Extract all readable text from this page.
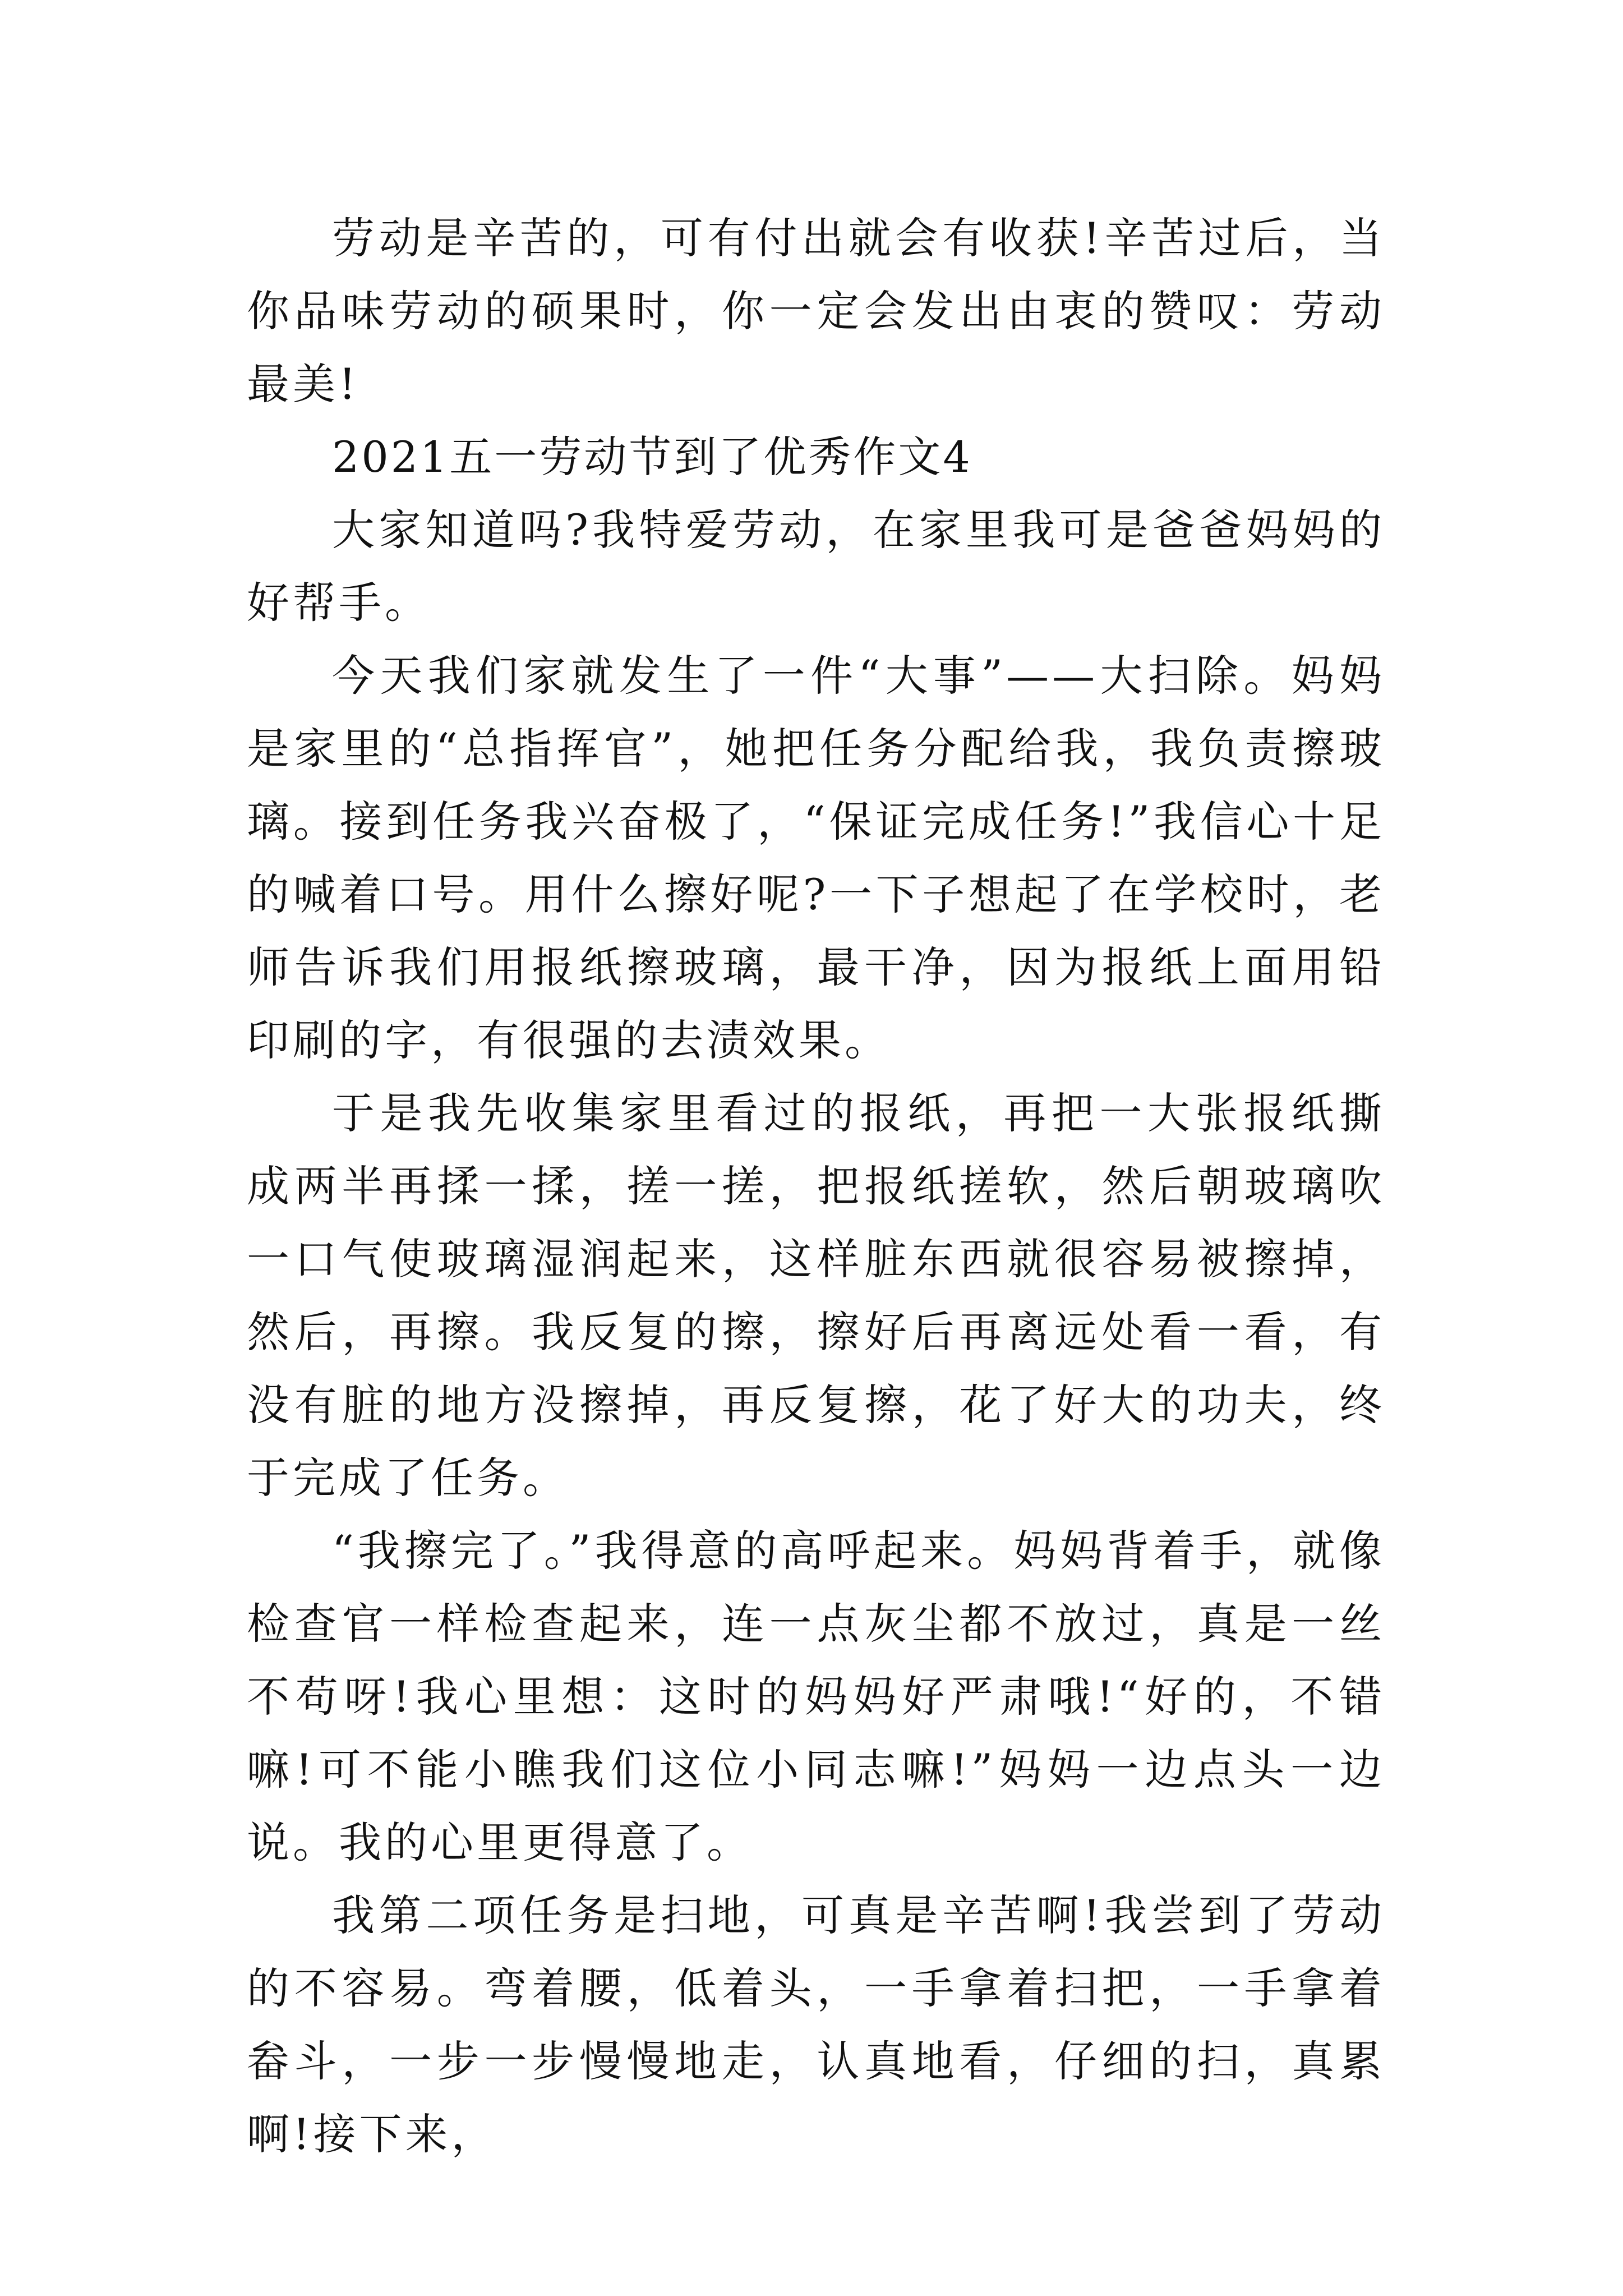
劳动是辛苦的，可有付出就会有收获!辛苦过后，当你品味劳动的硕果时，你一定会发出由衷的赞叹：劳动最美!

2021五一劳动节到了优秀作文4

大家知道吗?我特爱劳动，在家里我可是爸爸妈妈的好帮手。

今天我们家就发生了一件“大事”——大扫除。妈妈是家里的“总指挥官”，她把任务分配给我，我负责擦玻璃。接到任务我兴奋极了，“保证完成任务!”我信心十足的喊着口号。用什么擦好呢?一下子想起了在学校时，老师告诉我们用报纸擦玻璃，最干净，因为报纸上面用铅印刷的字，有很强的去渍效果。

于是我先收集家里看过的报纸，再把一大张报纸撕成两半再揉一揉，搓一搓，把报纸搓软，然后朝玻璃吹一口气使玻璃湿润起来，这样脏东西就很容易被擦掉，然后，再擦。我反复的擦，擦好后再离远处看一看，有没有脏的地方没擦掉，再反复擦，花了好大的功夫，终于完成了任务。

“我擦完了。”我得意的高呼起来。妈妈背着手，就像检查官一样检查起来，连一点灰尘都不放过，真是一丝不苟呀!我心里想：这时的妈妈好严肃哦!“好的，不错嘛!可不能小瞧我们这位小同志嘛!”妈妈一边点头一边说。我的心里更得意了。

我第二项任务是扫地，可真是辛苦啊!我尝到了劳动的不容易。弯着腰，低着头，一手拿着扫把，一手拿着畚斗，一步一步慢慢地走，认真地看，仔细的扫，真累啊!接下来，
